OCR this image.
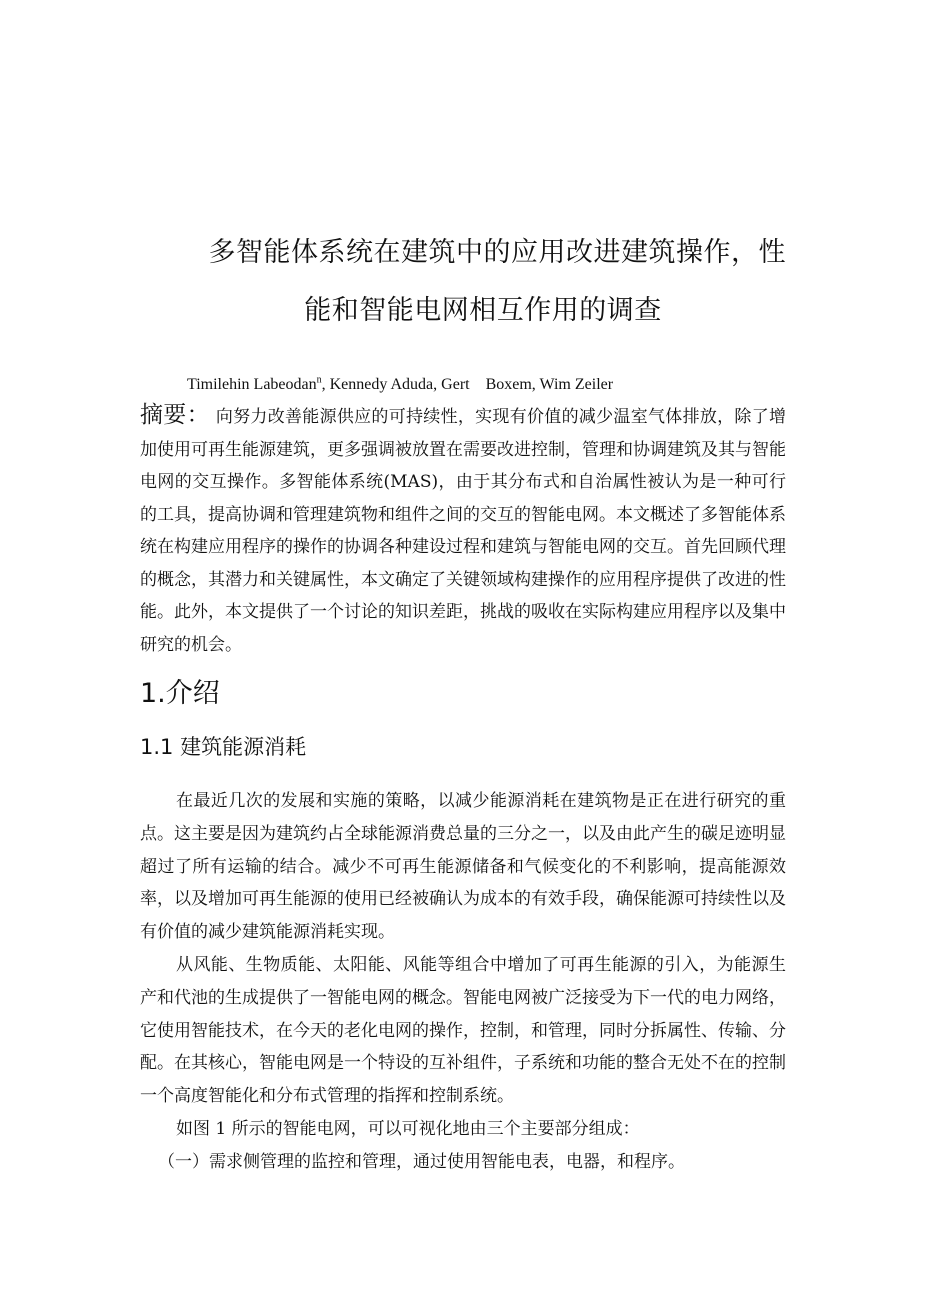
多智能体系统在建筑中的应用改进建筑操作，性
能和智能电网相互作用的调查
Timilehin Labeodan$^n$, Kennedy Aduda, Gert    Boxem, Wim Zeiler

摘要： 向努力改善能源供应的可持续性，实现有价值的减少温室气体排放，除了增加使用可再生能源建筑，更多强调被放置在需要改进控制，管理和协调建筑及其与智能电网的交互操作。多智能体系统(MAS)，由于其分布式和自治属性被认为是一种可行的工具，提高协调和管理建筑物和组件之间的交互的智能电网。本文概述了多智能体系统在构建应用程序的操作的协调各种建设过程和建筑与智能电网的交互。首先回顾代理的概念，其潜力和关键属性，本文确定了关键领域构建操作的应用程序提供了改进的性能。此外，本文提供了一个讨论的知识差距，挑战的吸收在实际构建应用程序以及集中研究的机会。

1.介绍
1.1 建筑能源消耗

在最近几次的发展和实施的策略，以减少能源消耗在建筑物是正在进行研究的重点。这主要是因为建筑约占全球能源消费总量的三分之一，以及由此产生的碳足迹明显超过了所有运输的结合。减少不可再生能源储备和气候变化的不利影响，提高能源效率，以及增加可再生能源的使用已经被确认为成本的有效手段，确保能源可持续性以及有价值的减少建筑能源消耗实现。

从风能、生物质能、太阳能、风能等组合中增加了可再生能源的引入，为能源生产和代池的生成提供了一智能电网的概念。智能电网被广泛接受为下一代的电力网络，它使用智能技术，在今天的老化电网的操作，控制，和管理，同时分拆属性、传输、分配。在其核心，智能电网是一个特设的互补组件，子系统和功能的整合无处不在的控制一个高度智能化和分布式管理的指挥和控制系统。

如图 1 所示的智能电网，可以可视化地由三个主要部分组成：

（一）需求侧管理的监控和管理，通过使用智能电表，电器，和程序。
